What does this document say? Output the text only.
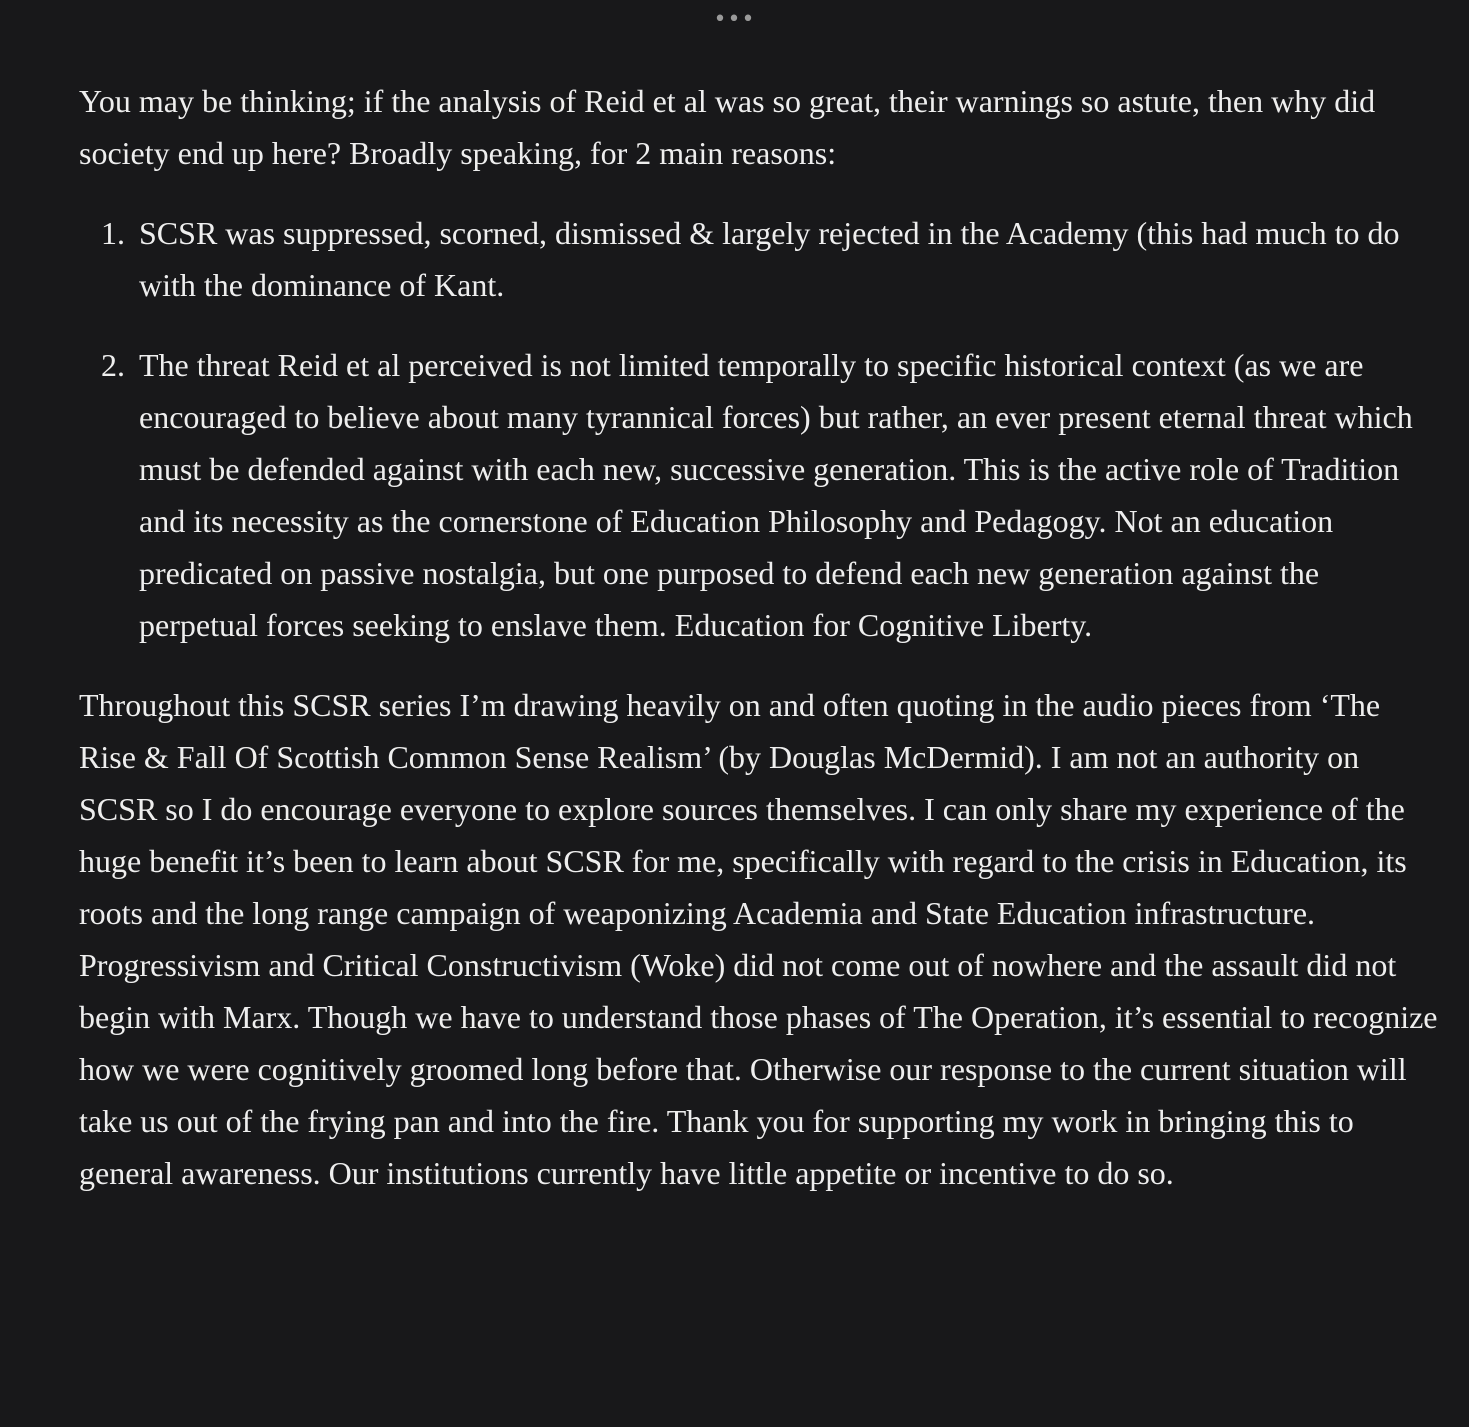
•••

You may be thinking; if the analysis of Reid et al was so great, their warnings so astute, then why did society end up here? Broadly speaking, for 2 main reasons:

1. SCSR was suppressed, scorned, dismissed & largely rejected in the Academy (this had much to do with the dominance of Kant.
2. The threat Reid et al perceived is not limited temporally to specific historical context (as we are encouraged to believe about many tyrannical forces) but rather, an ever present eternal threat which must be defended against with each new, successive generation. This is the active role of Tradition and its necessity as the cornerstone of Education Philosophy and Pedagogy. Not an education predicated on passive nostalgia, but one purposed to defend each new generation against the perpetual forces seeking to enslave them. Education for Cognitive Liberty.

Throughout this SCSR series I’m drawing heavily on and often quoting in the audio pieces from ‘The Rise & Fall Of Scottish Common Sense Realism’ (by Douglas McDermid). I am not an authority on SCSR so I do encourage everyone to explore sources themselves. I can only share my experience of the huge benefit it’s been to learn about SCSR for me, specifically with regard to the crisis in Education, its roots and the long range campaign of weaponizing Academia and State Education infrastructure. Progressivism and Critical Constructivism (Woke) did not come out of nowhere and the assault did not begin with Marx. Though we have to understand those phases of The Operation, it’s essential to recognize how we were cognitively groomed long before that. Otherwise our response to the current situation will take us out of the frying pan and into the fire. Thank you for supporting my work in bringing this to general awareness. Our institutions currently have little appetite or incentive to do so.
